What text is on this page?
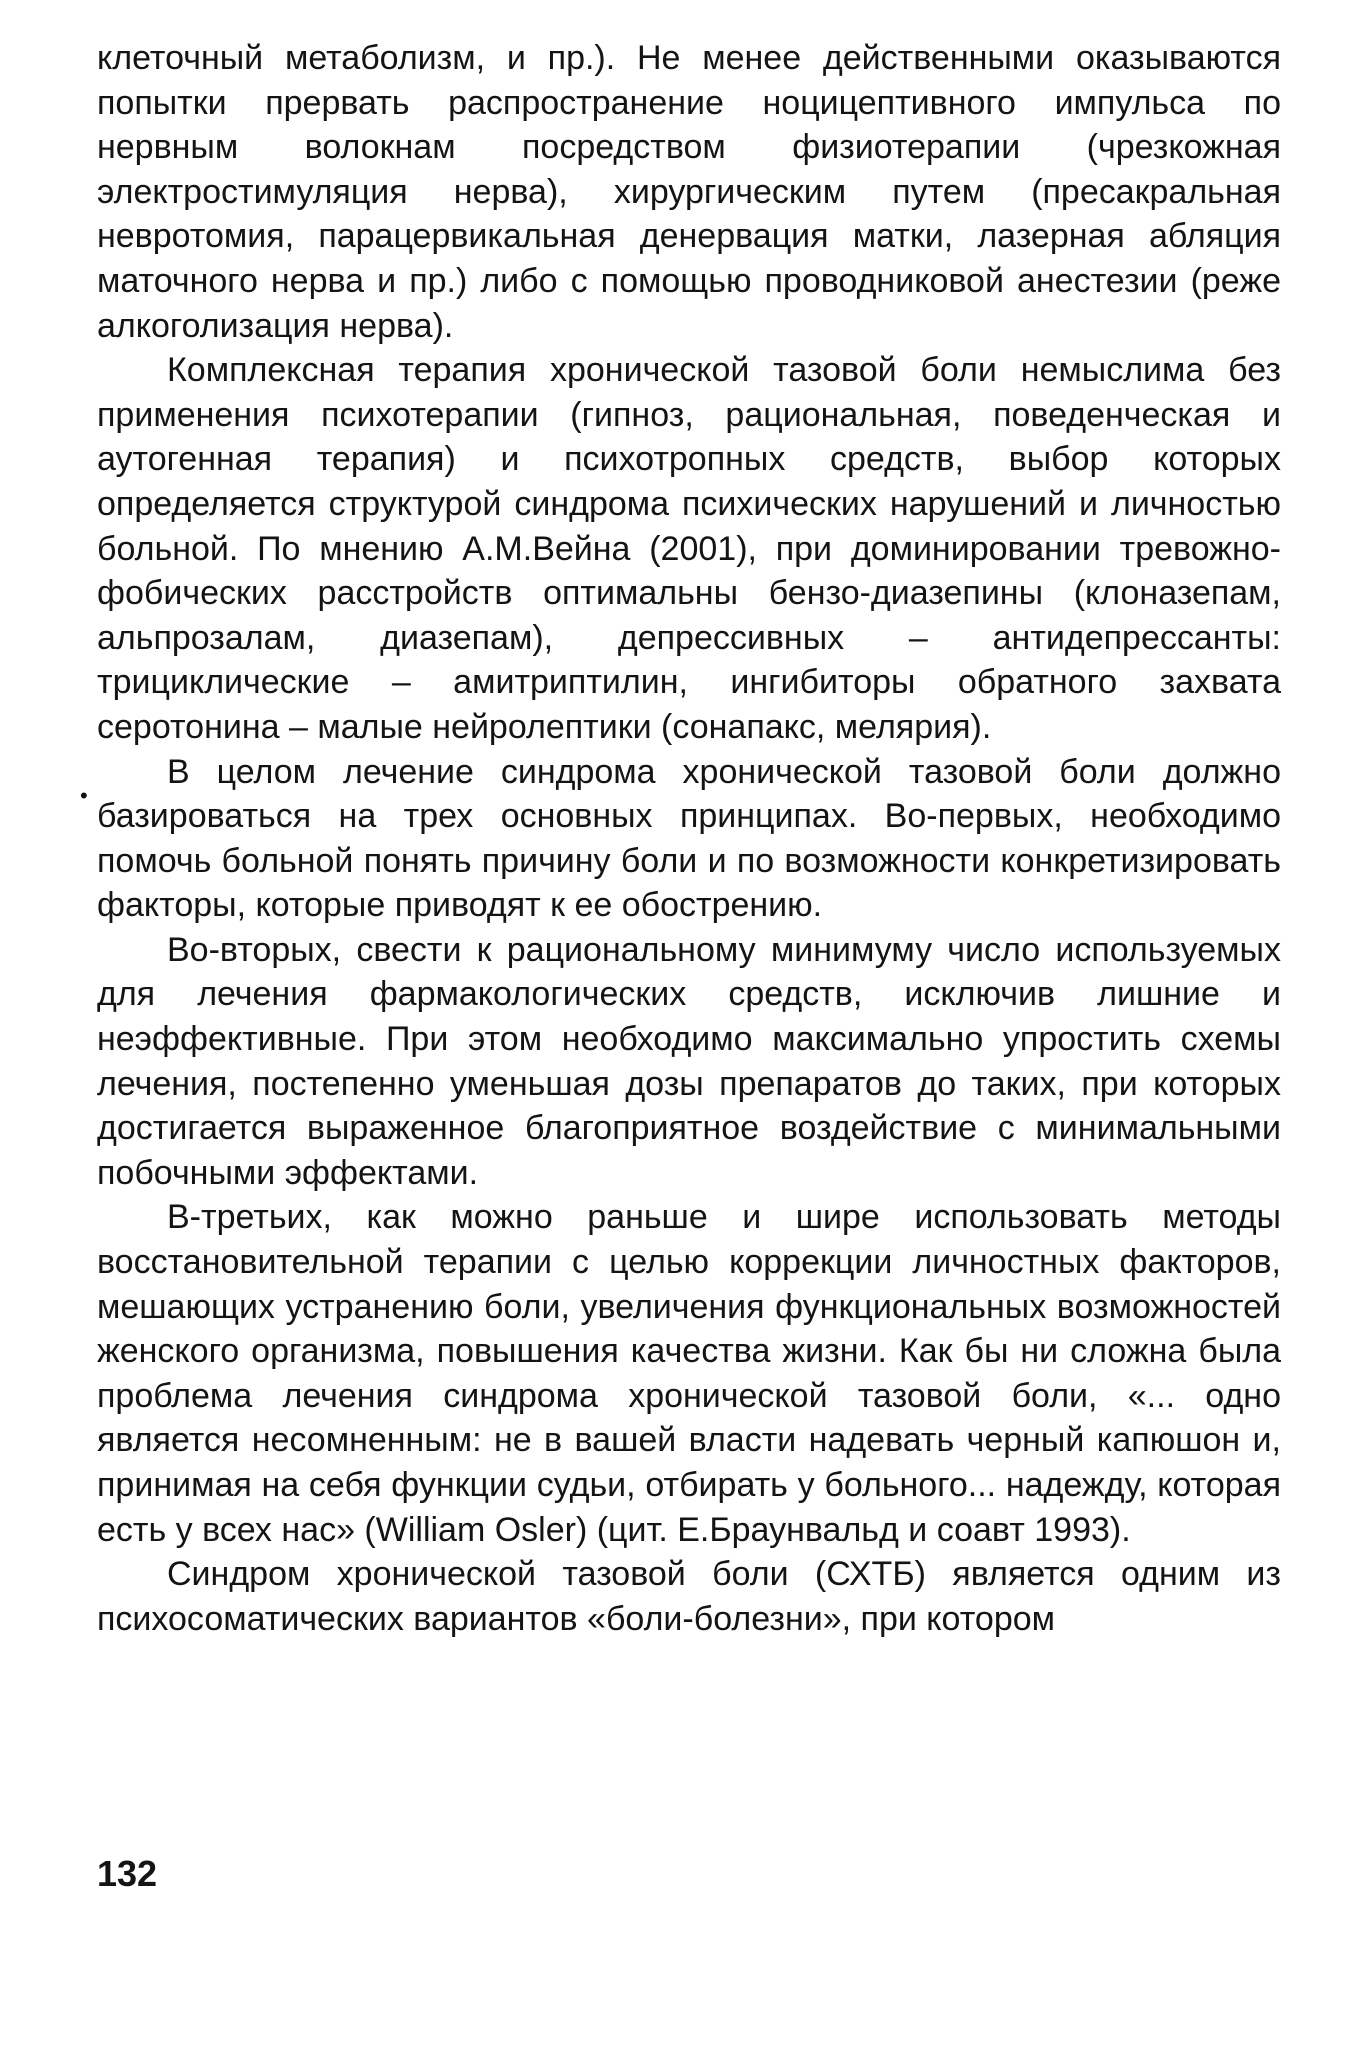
клеточный метаболизм, и пр.). Не менее действенными оказываются попытки прервать распространение ноцицептивного импульса по нервным волокнам посредством физиотерапии (чрезкожная электростимуляция нерва), хирургическим путем (пресакральная невротомия, парацервикальная денервация матки, лазерная абляция маточного нерва и пр.) либо с помощью проводниковой анестезии (реже алкоголизация нерва).

Комплексная терапия хронической тазовой боли немыслима без применения психотерапии (гипноз, рациональная, поведенческая и аутогенная терапия) и психотропных средств, выбор которых определяется структурой синдрома психических нарушений и личностью больной. По мнению А.М.Вейна (2001), при доминировании тревожно-фобических расстройств оптимальны бензо-диазепины (клоназепам, альпрозалам, диазепам), депрессивных – антидепрессанты: трициклические – амитриптилин, ингибиторы обратного захвата серотонина – малые нейролептики (сонапакс, мелярия).

В целом лечение синдрома хронической тазовой боли должно базироваться на трех основных принципах. Во-первых, необходимо помочь больной понять причину боли и по возможности конкретизировать факторы, которые приводят к ее обострению.

Во-вторых, свести к рациональному минимуму число используемых для лечения фармакологических средств, исключив лишние и неэффективные. При этом необходимо максимально упростить схемы лечения, постепенно уменьшая дозы препаратов до таких, при которых достигается выраженное благоприятное воздействие с минимальными побочными эффектами.

В-третьих, как можно раньше и шире использовать методы восстановительной терапии с целью коррекции личностных факторов, мешающих устранению боли, увеличения функциональных возможностей женского организма, повышения качества жизни. Как бы ни сложна была проблема лечения синдрома хронической тазовой боли, «... одно является несомненным: не в вашей власти надевать черный капюшон и, принимая на себя функции судьи, отбирать у больного... надежду, которая есть у всех нас» (William Osler) (цит. Е.Браунвальд и соавт 1993).

Синдром хронической тазовой боли (СХТБ) является одним из психосоматических вариантов «боли-болезни», при котором

•
132
